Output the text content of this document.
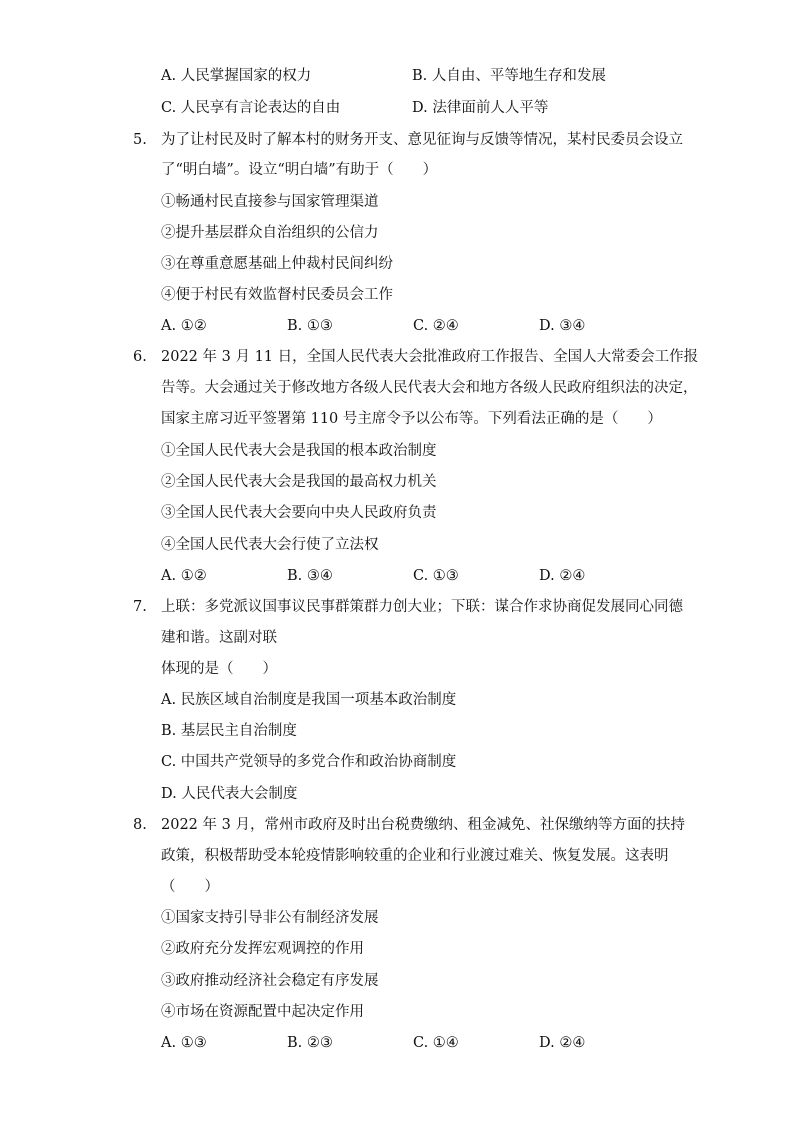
A. 人民掌握国家的权力	B. 人自由、平等地生存和发展
C. 人民享有言论表达的自由	D. 法律面前人人平等
5. 为了让村民及时了解本村的财务开支、意见征询与反馈等情况，某村民委员会设立
了“明白墙”。设立“明白墙”有助于（　　）
①畅通村民直接参与国家管理渠道
②提升基层群众自治组织的公信力
③在尊重意愿基础上仲裁村民间纠纷
④便于村民有效监督村民委员会工作
A. ①②	B. ①③	C. ②④	D. ③④
6. 2022 年 3 月 11 日，全国人民代表大会批准政府工作报告、全国人大常委会工作报
告等。大会通过关于修改地方各级人民代表大会和地方各级人民政府组织法的决定，
国家主席习近平签署第 110 号主席令予以公布等。下列看法正确的是（　　）
①全国人民代表大会是我国的根本政治制度
②全国人民代表大会是我国的最高权力机关
③全国人民代表大会要向中央人民政府负责
④全国人民代表大会行使了立法权
A. ①②	B. ③④	C. ①③	D. ②④
7. 上联：多党派议国事议民事群策群力创大业；下联：谋合作求协商促发展同心同德
建和谐。这副对联
体现的是（　　）
A. 民族区域自治制度是我国一项基本政治制度
B. 基层民主自治制度
C. 中国共产党领导的多党合作和政治协商制度
D. 人民代表大会制度
8. 2022 年 3 月，常州市政府及时出台税费缴纳、租金减免、社保缴纳等方面的扶持
政策，积极帮助受本轮疫情影响较重的企业和行业渡过难关、恢复发展。这表明
（　　）
①国家支持引导非公有制经济发展
②政府充分发挥宏观调控的作用
③政府推动经济社会稳定有序发展
④市场在资源配置中起决定作用
A. ①③	B. ②③	C. ①④	D. ②④
